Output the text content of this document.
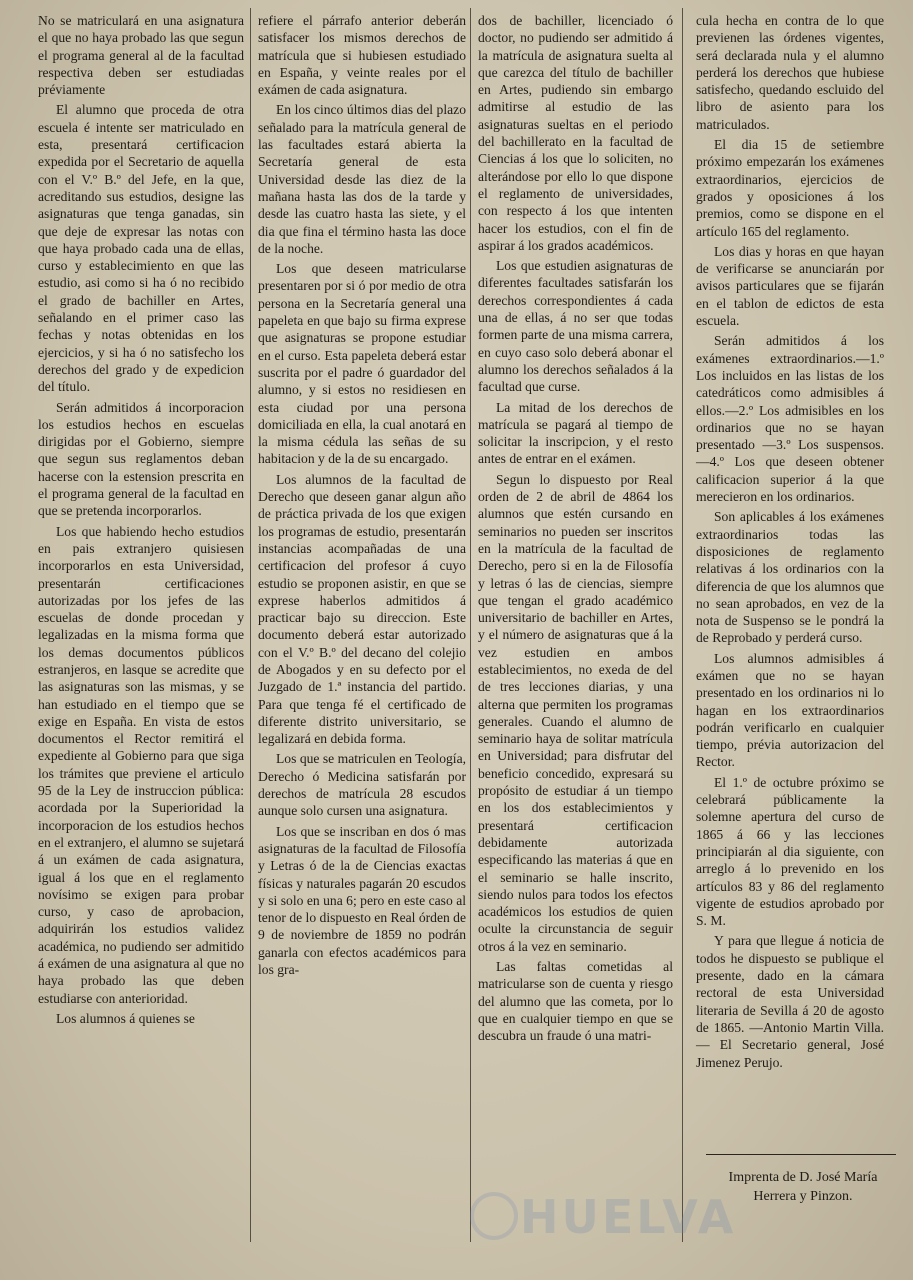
No se matriculará en una asignatura el que no haya probado las que segun el programa general al de la facultad respectiva deben ser estudiadas préviamente

El alumno que proceda de otra escuela é intente ser matriculado en esta, presentará certificacion expedida por el Secretario de aquella con el V.º B.º del Jefe, en la que, acreditando sus estudios, designe las asignaturas que tenga ganadas, sin que deje de expresar las notas con que haya probado cada una de ellas, curso y establecimiento en que las estudio, asi como si ha ó no recibido el grado de bachiller en Artes, señalando en el primer caso las fechas y notas obtenidas en los ejercicios, y si ha ó no satisfecho los derechos del grado y de expedicion del título.

Serán admitidos á incorporacion los estudios hechos en escuelas dirigidas por el Gobierno, siempre que segun sus reglamentos deban hacerse con la estension prescrita en el programa general de la facultad en que se pretenda incorporarlos.

Los que habiendo hecho estudios en pais extranjero quisiesen incorporarlos en esta Universidad, presentarán certificaciones autorizadas por los jefes de las escuelas de donde procedan y legalizadas en la misma forma que los demas documentos públicos estranjeros, en lasque se acredite que las asignaturas son las mismas, y se han estudiado en el tiempo que se exige en España. En vista de estos documentos el Rector remitirá el expediente al Gobierno para que siga los trámites que previene el articulo 95 de la Ley de instruccion pública: acordada por la Superioridad la incorporacion de los estudios hechos en el extranjero, el alumno se sujetará á un exámen de cada asignatura, igual á los que en el reglamento novísimo se exigen para probar curso, y caso de aprobacion, adquirirán los estudios validez académica, no pudiendo ser admitido á exámen de una asignatura al que no haya probado las que deben estudiarse con anterioridad.

Los alumnos á quienes se

refiere el párrafo anterior deberán satisfacer los mismos derechos de matrícula que si hubiesen estudiado en España, y veinte reales por el exámen de cada asignatura.

En los cinco últimos dias del plazo señalado para la matrícula general de las facultades estará abierta la Secretaría general de esta Universidad desde las diez de la mañana hasta las dos de la tarde y desde las cuatro hasta las siete, y el dia que fina el término hasta las doce de la noche.

Los que deseen matricularse presentaren por si ó por medio de otra persona en la Secretaría general una papeleta en que bajo su firma exprese que asignaturas se propone estudiar en el curso. Esta papeleta deberá estar suscrita por el padre ó guardador del alumno, y si estos no residiesen en esta ciudad por una persona domiciliada en ella, la cual anotará en la misma cédula las señas de su habitacion y de la de su encargado.

Los alumnos de la facultad de Derecho que deseen ganar algun año de práctica privada de los que exigen los programas de estudio, presentarán instancias acompañadas de una certificacion del profesor á cuyo estudio se proponen asistir, en que se exprese haberlos admitidos á practicar bajo su direccion. Este documento deberá estar autorizado con el V.º B.º del decano del colejio de Abogados y en su defecto por el Juzgado de 1.ª instancia del partido. Para que tenga fé el certificado de diferente distrito universitario, se legalizará en debida forma.

Los que se matriculen en Teología, Derecho ó Medicina satisfarán por derechos de matrícula 28 escudos aunque solo cursen una asignatura.

Los que se inscriban en dos ó mas asignaturas de la facultad de Filosofía y Letras ó de la de Ciencias exactas físicas y naturales pagarán 20 escudos y si solo en una 6; pero en este caso al tenor de lo dispuesto en Real órden de 9 de noviembre de 1859 no podrán ganarla con efectos académicos para los gra-

dos de bachiller, licenciado ó doctor, no pudiendo ser admitido á la matrícula de asignatura suelta al que carezca del título de bachiller en Artes, pudiendo sin embargo admitirse al estudio de las asignaturas sueltas en el periodo del bachillerato en la facultad de Ciencias á los que lo soliciten, no alterándose por ello lo que dispone el reglamento de universidades, con respecto á los que intenten hacer los estudios, con el fin de aspirar á los grados académicos.

Los que estudien asignaturas de diferentes facultades satisfarán los derechos correspondientes á cada una de ellas, á no ser que todas formen parte de una misma carrera, en cuyo caso solo deberá abonar el alumno los derechos señalados á la facultad que curse.

La mitad de los derechos de matrícula se pagará al tiempo de solicitar la inscripcion, y el resto antes de entrar en el exámen.

Segun lo dispuesto por Real orden de 2 de abril de 4864 los alumnos que estén cursando en seminarios no pueden ser inscritos en la matrícula de la facultad de Derecho, pero si en la de Filosofía y letras ó las de ciencias, siempre que tengan el grado académico universitario de bachiller en Artes, y el número de asignaturas que á la vez estudien en ambos establecimientos, no exeda de del de tres lecciones diarias, y una alterna que permiten los programas generales. Cuando el alumno de seminario haya de solitar matrícula en Universidad; para disfrutar del beneficio concedido, expresará su propósito de estudiar á un tiempo en los dos establecimientos y presentará certificacion debidamente autorizada especificando las materias á que en el seminario se halle inscrito, siendo nulos para todos los efectos académicos los estudios de quien oculte la circunstancia de seguir otros á la vez en seminario.

Las faltas cometidas al matricularse son de cuenta y riesgo del alumno que las cometa, por lo que en cualquier tiempo en que se descubra un fraude ó una matri-

cula hecha en contra de lo que previenen las órdenes vigentes, será declarada nula y el alumno perderá los derechos que hubiese satisfecho, quedando escluido del libro de asiento para los matriculados.

El dia 15 de setiembre próximo empezarán los exámenes extraordinarios, ejercicios de grados y oposiciones á los premios, como se dispone en el artículo 165 del reglamento.

Los dias y horas en que hayan de verificarse se anunciarán por avisos particulares que se fijarán en el tablon de edictos de esta escuela.

Serán admitidos á los exámenes extraordinarios.—1.º Los incluidos en las listas de los catedráticos como admisibles á ellos.—2.º Los admisibles en los ordinarios que no se hayan presentado —3.º Los suspensos.—4.º Los que deseen obtener calificacion superior á la que merecieron en los ordinarios.

Son aplicables á los exámenes extraordinarios todas las disposiciones de reglamento relativas á los ordinarios con la diferencia de que los alumnos que no sean aprobados, en vez de la nota de Suspenso se le pondrá la de Reprobado y perderá curso.

Los alumnos admisibles á exámen que no se hayan presentado en los ordinarios ni lo hagan en los extraordinarios podrán verificarlo en cualquier tiempo, prévia autorizacion del Rector.

El 1.º de octubre próximo se celebrará públicamente la solemne apertura del curso de 1865 á 66 y las lecciones principiarán al dia siguiente, con arreglo á lo prevenido en los artículos 83 y 86 del reglamento vigente de estudios aprobado por S. M.

Y para que llegue á noticia de todos he dispuesto se publique el presente, dado en la cámara rectoral de esta Universidad literaria de Sevilla á 20 de agosto de 1865. —Antonio Martin Villa.— El Secretario general, José Jimenez Perujo.

Imprenta de D. José María
Herrera y Pinzon.
HUELVA
